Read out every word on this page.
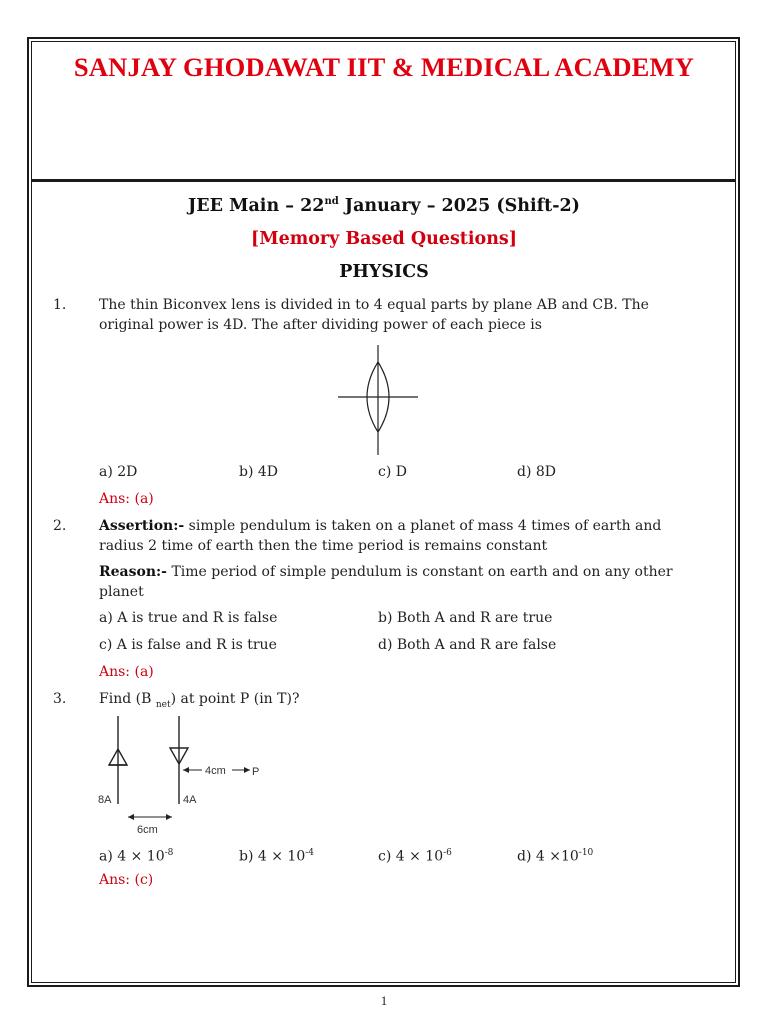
SANJAY GHODAWAT IIT & MEDICAL ACADEMY
JEE Main – 22nd January – 2025 (Shift-2)
[Memory Based Questions]
PHYSICS
1. The thin Biconvex lens is divided in to 4 equal parts by plane AB and CB. The
original power is 4D. The after dividing power of each piece is
a) 2D	b) 4D	c) D	d) 8D
Ans: (a)
2. Assertion:- simple pendulum is taken on a planet of mass 4 times of earth and
radius 2 time of earth then the time period is remains constant
Reason:- Time period of simple pendulum is constant on earth and on any other
planet
a) A is true and R is false	b) Both A and R are true
c) A is false and R is true	d) Both A and R are false
Ans: (a)
3. Find (B $_{net}$) at point P (in T)?
4cm P
8A	4A
6cm
a) $4 \times 10^{-8}$	b) $4 \times 10^{-4}$	c) $4 \times 10^{-6}$	d) $4 \times 10^{-10}$
Ans: (c)
1
